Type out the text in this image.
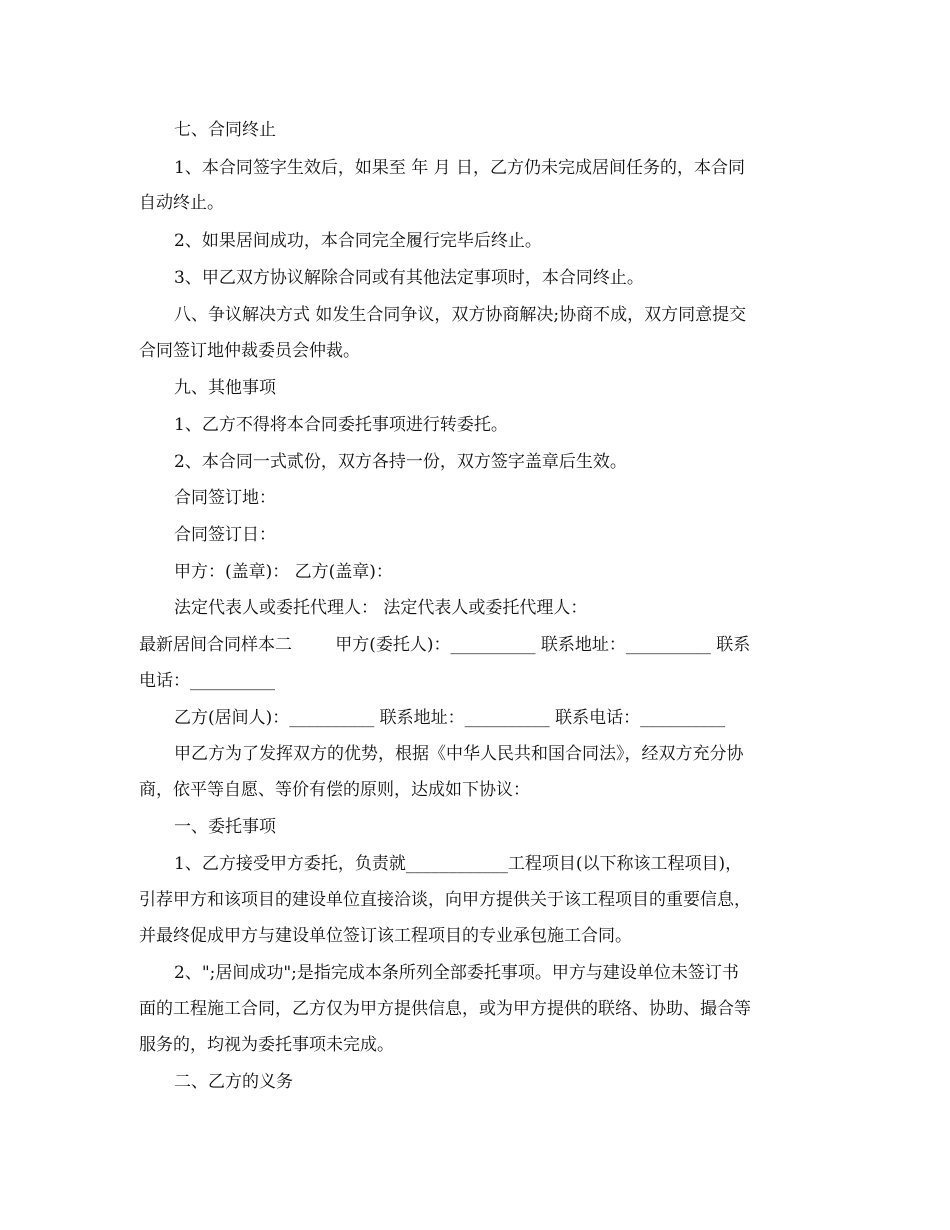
七、合同终止
1、本合同签字生效后，如果至 年 月 日，乙方仍未完成居间任务的，本合同
自动终止。
2、如果居间成功，本合同完全履行完毕后终止。
3、甲乙双方协议解除合同或有其他法定事项时，本合同终止。
八、争议解决方式 如发生合同争议，双方协商解决;协商不成，双方同意提交
合同签订地仲裁委员会仲裁。
九、其他事项
1、乙方不得将本合同委托事项进行转委托。
2、本合同一式贰份，双方各持一份，双方签字盖章后生效。
合同签订地：
合同签订日：
甲方：(盖章)： 乙方(盖章)：
法定代表人或委托代理人： 法定代表人或委托代理人：
最新居间合同样本二        甲方(委托人)：__________ 联系地址：__________ 联系
电话：__________
乙方(居间人)：__________ 联系地址：__________ 联系电话：__________
甲乙方为了发挥双方的优势，根据《中华人民共和国合同法》，经双方充分协
商，依平等自愿、等价有偿的原则，达成如下协议：
一、委托事项
1、乙方接受甲方委托，负责就____________工程项目(以下称该工程项目)，
引荐甲方和该项目的建设单位直接洽谈，向甲方提供关于该工程项目的重要信息，
并最终促成甲方与建设单位签订该工程项目的专业承包施工合同。
2、";居间成功";是指完成本条所列全部委托事项。甲方与建设单位未签订书
面的工程施工合同，乙方仅为甲方提供信息，或为甲方提供的联络、协助、撮合等
服务的，均视为委托事项未完成。
二、乙方的义务
